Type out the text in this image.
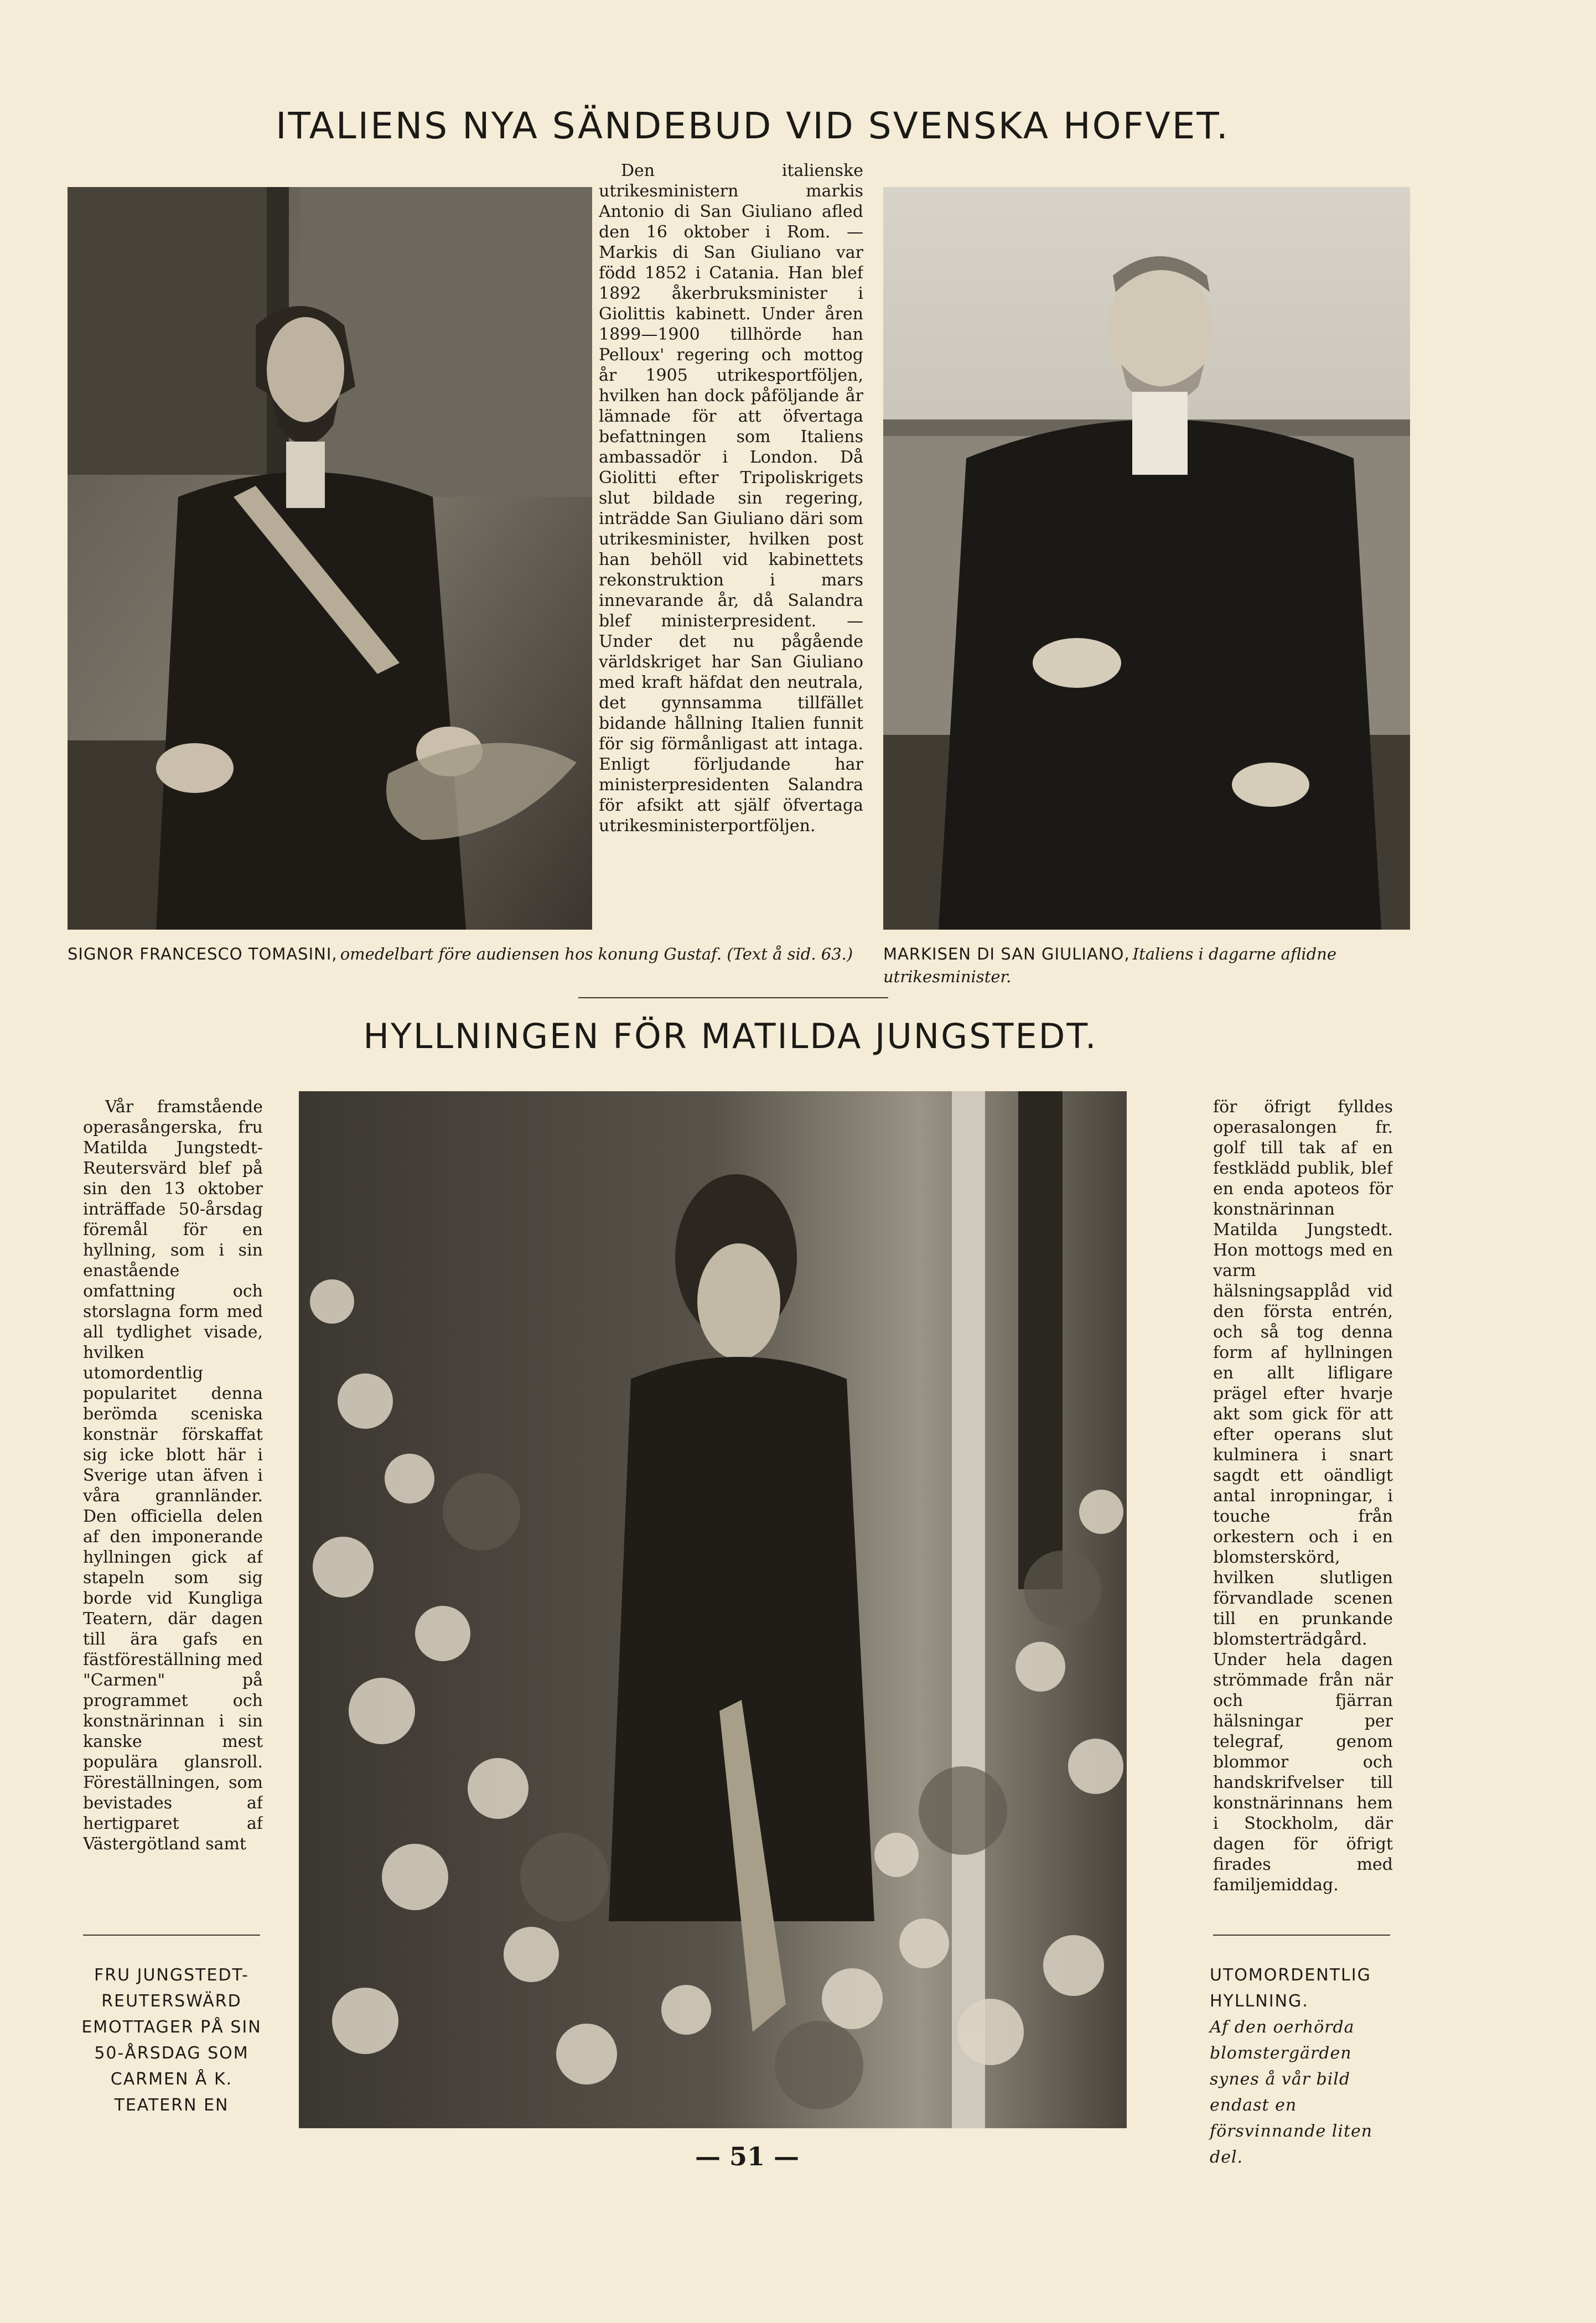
ITALIENS NYA SÄNDEBUD VID SVENSKA HOFVET.

Den italienske utrikesministern markis Antonio di San Giuliano afled den 16 oktober i Rom. — Markis di San Giuliano var född 1852 i Catania. Han blef 1892 åkerbruksminister i Giolittis kabinett. Under åren 1899—1900 tillhörde han Pelloux' regering och mottog år 1905 utrikesportföljen, hvilken han dock påföljande år lämnade för att öfvertaga befattningen som Italiens ambassadör i London. Då Giolitti efter Tripoliskrigets slut bildade sin regering, inträdde San Giuliano däri som utrikesminister, hvilken post han behöll vid kabinettets rekonstruktion i mars innevarande år, då Salandra blef ministerpresident. — Under det nu pågående världskriget har San Giuliano med kraft häfdat den neutrala, det gynnsamma tillfället bidande hållning Italien funnit för sig förmånligast att intaga. Enligt förljudande har ministerpresidenten Salandra för afsikt att själf öfvertaga utrikesministerportföljen.

SIGNOR FRANCESCO TOMASINI, omedelbart före audiensen hos konung Gustaf. (Text å sid. 63.) MARKISEN DI SAN GIULIANO, Italiens i dagarne aflidne utrikesminister.
HYLLNINGEN FÖR MATILDA JUNGSTEDT.

Vår framstående operasångerska, fru Matilda Jungstedt-Reutersvärd blef på sin den 13 oktober inträffade 50-årsdag föremål för en hyllning, som i sin enastående omfattning och storslagna form med all tydlighet visade, hvilken utomordentlig popularitet denna berömda sceniska konstnär förskaffat sig icke blott här i Sverige utan äfven i våra grannländer. Den officiella delen af den imponerande hyllningen gick af stapeln som sig borde vid Kungliga Teatern, där dagen till ära gafs en fästföreställning med "Carmen" på programmet och konstnärinnan i sin kanske mest populära glansroll. Föreställningen, som bevistades af hertigparet af Västergötland samt

för öfrigt fylldes operasalongen fr. golf till tak af en festklädd publik, blef en enda apoteos för konstnärinnan Matilda Jungstedt. Hon mottogs med en varm hälsningsapplåd vid den första entrén, och så tog denna form af hyllningen en allt lifligare prägel efter hvarje akt som gick för att efter operans slut kulminera i snart sagdt ett oändligt antal inropningar, i touche från orkestern och i en blomsterskörd, hvilken slutligen förvandlade scenen till en prunkande blomsterträdgård. Under hela dagen strömmade från när och fjärran hälsningar per telegraf, genom blommor och handskrifvelser till konstnärinnans hem i Stockholm, där dagen för öfrigt firades med familjemiddag.

FRU JUNGSTEDT-REUTERSWÄRD EMOTTAGER PÅ SIN 50-ÅRSDAG SOM CARMEN Å K. TEATERN EN
UTOMORDENTLIG HYLLNING.
Af den oerhörda blomstergärden synes å vår bild endast en försvinnande liten del.
— 51 —
